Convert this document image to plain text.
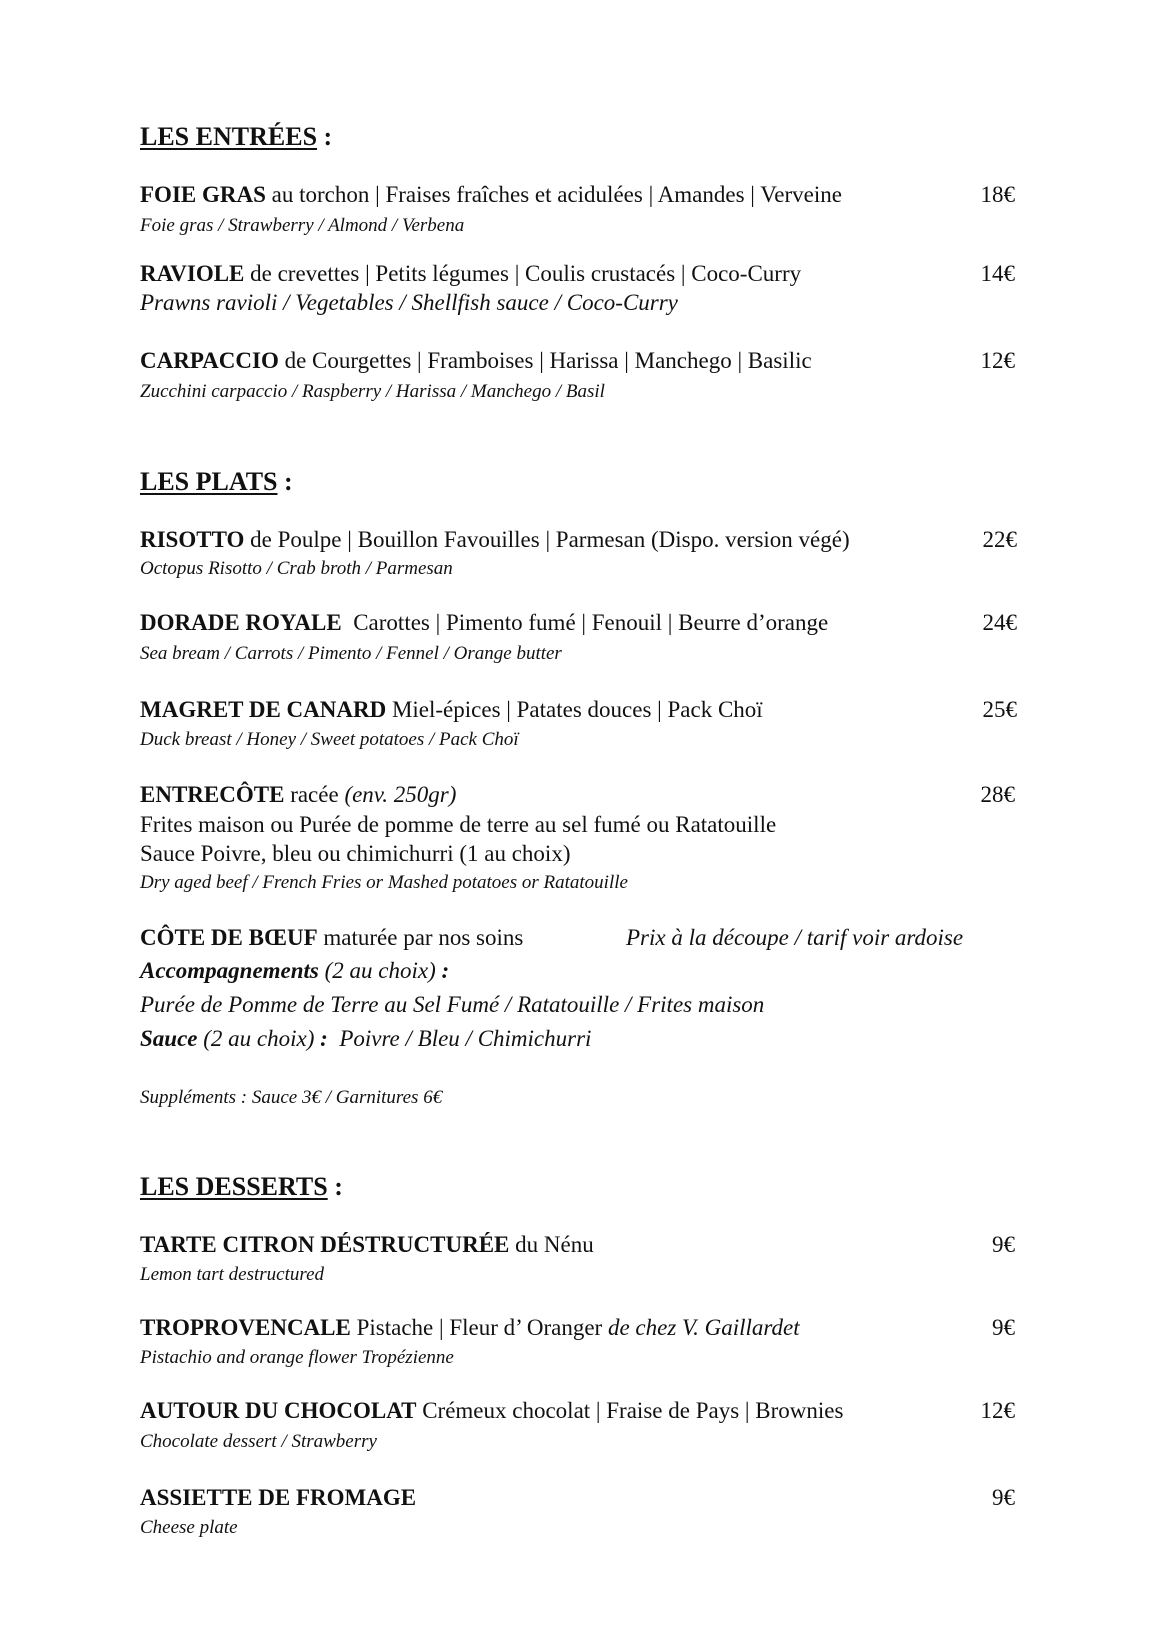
LES ENTRÉES :
FOIE GRAS au torchon | Fraises fraîches et acidulées | Amandes | Verveine	18€
Foie gras / Strawberry / Almond / Verbena
RAVIOLE de crevettes | Petits légumes | Coulis crustacés | Coco-Curry	14€
Prawns ravioli / Vegetables / Shellfish sauce / Coco-Curry
CARPACCIO de Courgettes | Framboises | Harissa | Manchego | Basilic	12€
Zucchini carpaccio / Raspberry / Harissa / Manchego / Basil
LES PLATS :
RISOTTO de Poulpe | Bouillon Favouilles | Parmesan (Dispo. version végé)	22€
Octopus Risotto / Crab broth / Parmesan
DORADE ROYALE  Carottes | Pimento fumé | Fenouil | Beurre d’orange	24€
Sea bream / Carrots / Pimento / Fennel / Orange butter
MAGRET DE CANARD Miel-épices | Patates douces | Pack Choï	25€
Duck breast / Honey / Sweet potatoes / Pack Choï
ENTRECÔTE racée (env. 250gr)	28€
Frites maison ou Purée de pomme de terre au sel fumé ou Ratatouille
Sauce Poivre, bleu ou chimichurri (1 au choix)
Dry aged beef / French Fries or Mashed potatoes or Ratatouille
CÔTE DE BŒUF maturée par nos soins	Prix à la découpe / tarif voir ardoise
Accompagnements (2 au choix) :
Purée de Pomme de Terre au Sel Fumé / Ratatouille / Frites maison
Sauce (2 au choix) :  Poivre / Bleu / Chimichurri
Suppléments : Sauce 3€ / Garnitures 6€
LES DESSERTS :
TARTE CITRON DÉSTRUCTURÉE du Nénu	9€
Lemon tart destructured
TROPROVENCALE Pistache | Fleur d’ Oranger de chez V. Gaillardet	9€
Pistachio and orange flower Tropézienne
AUTOUR DU CHOCOLAT Crémeux chocolat | Fraise de Pays | Brownies	12€
Chocolate dessert / Strawberry
ASSIETTE DE FROMAGE	9€
Cheese plate
